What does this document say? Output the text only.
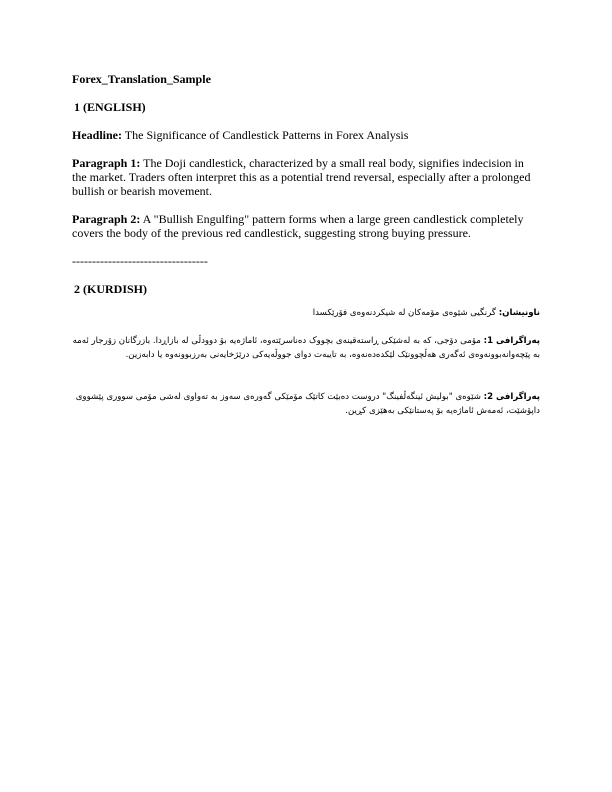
Forex_Translation_Sample

1 (ENGLISH)

Headline: The Significance of Candlestick Patterns in Forex Analysis

Paragraph 1: The Doji candlestick, characterized by a small real body, signifies indecision in the market. Traders often interpret this as a potential trend reversal, especially after a prolonged bullish or bearish movement.

Paragraph 2: A "Bullish Engulfing" pattern forms when a large green candlestick completely covers the body of the previous red candlestick, suggesting strong buying pressure.

----------------------------------

2 (KURDISH)

ناونیشان: گرنگیی شێوەی مۆمەکان لە شیکردنەوەی فۆرێکسدا

پەراگرافی 1: مۆمی دۆجی، کە بە لەشێکی ڕاستەقینەی بچووک دەناسرێتەوە، ئاماژەیە بۆ دوودڵی لە بازاڕدا. بازرگانان زۆرجار ئەمە بە پێچەوانەبوونەوەی ئەگەری هەڵچوونێک لێکدەدەنەوە، بە تایبەت دوای جووڵەیەکی درێژخایەنی بەرزبوونەوە یا دابەزین.

پەراگرافی 2: شێوەی "بولیش ئینگەڵفینگ" دروست دەبێت کاتێک مۆمێکی گەورەی سەوز بە تەواوی لەشی مۆمی سووری پێشووی داپۆشێت، ئەمەش ئاماژەیە بۆ پەستانێکی بەهێزی کڕین.
